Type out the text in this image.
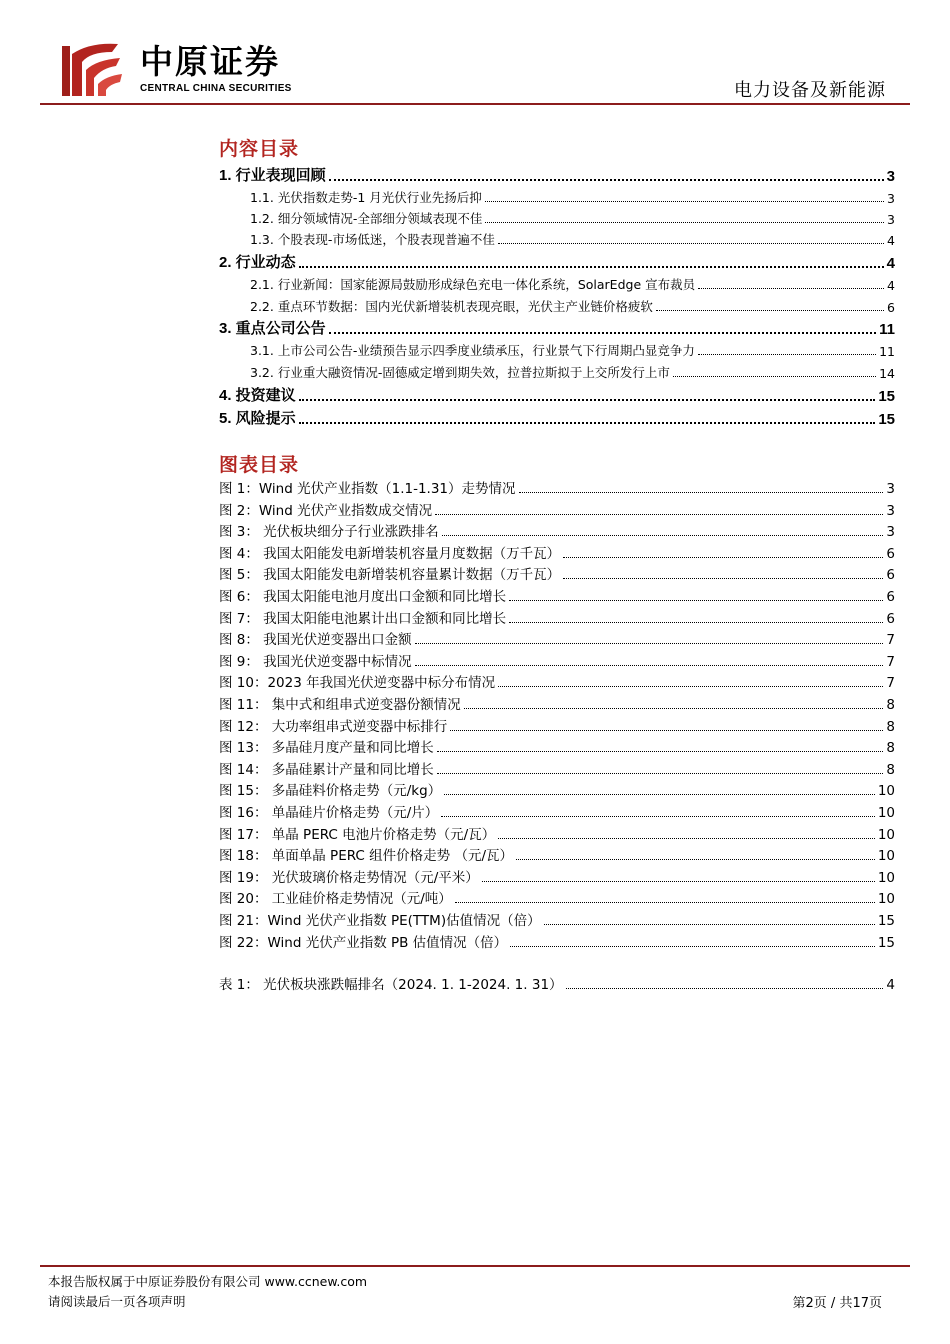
中原证券
CENTRAL CHINA SECURITIES	电力设备及新能源
内容目录
1. 行业表现回顾	3
1.1. 光伏指数走势-1 月光伏行业先扬后抑	3
1.2. 细分领域情况-全部细分领域表现不佳	3
1.3. 个股表现-市场低迷，个股表现普遍不佳	4
2. 行业动态	4
2.1. 行业新闻：国家能源局鼓励形成绿色充电一体化系统，SolarEdge 宣布裁员	4
2.2. 重点环节数据：国内光伏新增装机表现亮眼，光伏主产业链价格疲软	6
3. 重点公司公告	11
3.1. 上市公司公告-业绩预告显示四季度业绩承压，行业景气下行周期凸显竞争力	11
3.2. 行业重大融资情况-固德威定增到期失效，拉普拉斯拟于上交所发行上市	14
4. 投资建议	15
5. 风险提示	15
图表目录
图 1：Wind 光伏产业指数（1.1-1.31）走势情况	3
图 2：Wind 光伏产业指数成交情况	3
图 3： 光伏板块细分子行业涨跌排名	3
图 4： 我国太阳能发电新增装机容量月度数据（万千瓦）	6
图 5： 我国太阳能发电新增装机容量累计数据（万千瓦）	6
图 6： 我国太阳能电池月度出口金额和同比增长	6
图 7： 我国太阳能电池累计出口金额和同比增长	6
图 8： 我国光伏逆变器出口金额	7
图 9： 我国光伏逆变器中标情况	7
图 10：2023 年我国光伏逆变器中标分布情况	7
图 11： 集中式和组串式逆变器份额情况	8
图 12： 大功率组串式逆变器中标排行	8
图 13： 多晶硅月度产量和同比增长	8
图 14： 多晶硅累计产量和同比增长	8
图 15： 多晶硅料价格走势（元/kg）	10
图 16： 单晶硅片价格走势（元/片）	10
图 17： 单晶 PERC 电池片价格走势（元/瓦）	10
图 18： 单面单晶 PERC 组件价格走势 （元/瓦）	10
图 19： 光伏玻璃价格走势情况（元/平米）	10
图 20： 工业硅价格走势情况（元/吨）	10
图 21：Wind 光伏产业指数 PE(TTM)估值情况（倍）	15
图 22：Wind 光伏产业指数 PB 估值情况（倍）	15
表 1： 光伏板块涨跌幅排名（2024. 1. 1-2024. 1. 31）	4
本报告版权属于中原证券股份有限公司 www.ccnew.com
请阅读最后一页各项声明	第2页 / 共17页
